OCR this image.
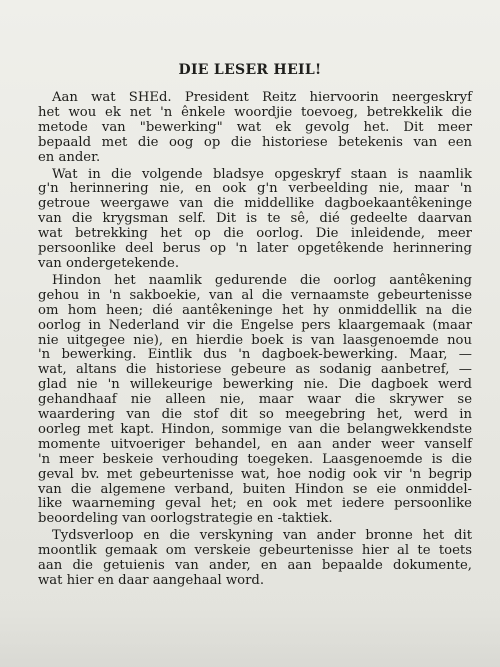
DIE LESER HEIL!

Aan wat SHEd. President Reitz hiervoorin neergeskryf
het wou ek net 'n ênkele woordjie toevoeg, betrekkelik die
metode van "bewerking" wat ek gevolg het. Dit meer
bepaald met die oog op die historiese betekenis van een
en ander.

Wat in die volgende bladsye opgeskryf staan is naamlik
g'n herinnering nie, en ook g'n verbeelding nie, maar 'n
getroue weergawe van die middellike dagboekaantêkeninge
van die krygsman self. Dit is te sê, dié gedeelte daarvan
wat betrekking het op die oorlog. Die inleidende, meer
persoonlike deel berus op 'n later opgetêkende herinnering
van ondergetekende.

Hindon het naamlik gedurende die oorlog aantêkening
gehou in 'n sakboekie, van al die vernaamste gebeurtenisse
om hom heen; dié aantêkeninge het hy onmiddellik na die
oorlog in Nederland vir die Engelse pers klaargemaak (maar
nie uitgegee nie), en hierdie boek is van laasgenoemde nou
'n bewerking. Eintlik dus 'n dagboek-bewerking. Maar, —
wat, altans die historiese gebeure as sodanig aanbetref, —
glad nie 'n willekeurige bewerking nie. Die dagboek werd
gehandhaaf nie alleen nie, maar waar die skrywer se
waardering van die stof dit so meegebring het, werd in
oorleg met kapt. Hindon, sommige van die belangwekkendste
momente uitvoeriger behandel, en aan ander weer vanself
'n meer beskeie verhouding toegeken. Laasgenoemde is die
geval bv. met gebeurtenisse wat, hoe nodig ook vir 'n begrip
van die algemene verband, buiten Hindon se eie onmiddel-
like waarneming geval het; en ook met iedere persoonlike
beoordeling van oorlogstrategie en -taktiek.

Tydsverloop en die verskyning van ander bronne het dit
moontlik gemaak om verskeie gebeurtenisse hier al te toets
aan die getuienis van ander, en aan bepaalde dokumente,
wat hier en daar aangehaal word.
